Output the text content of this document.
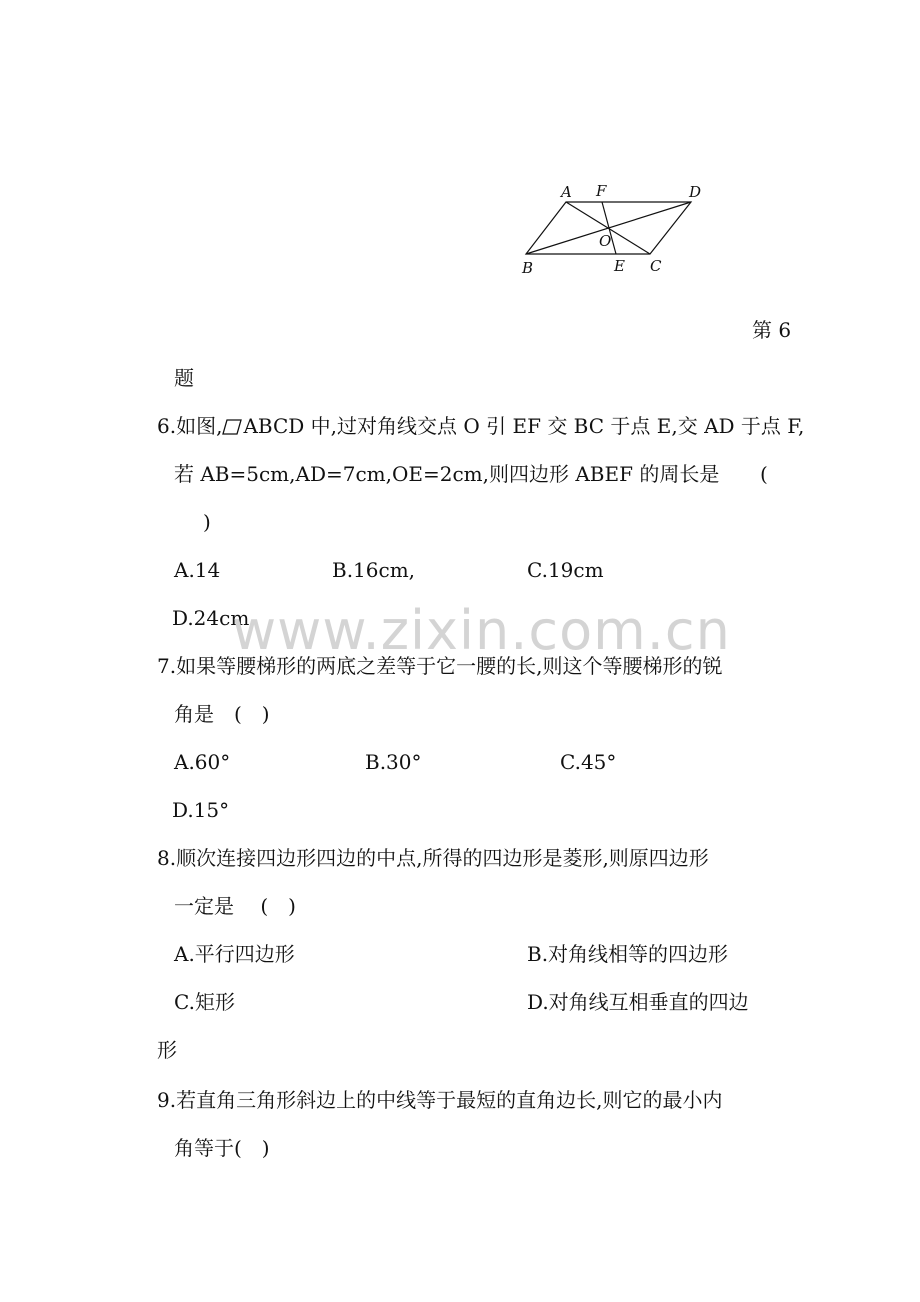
A F	D
O
B	E C
第 6
题
6.如图, ABCD 中,过对角线交点 O 引 EF 交 BC 于点 E,交 AD 于点 F,
若 AB=5cm,AD=7cm,OE=2cm,则四边形 ABEF 的周长是 (
)
A.14	B.16cm,	C.19cm
D.24cm
www.zixin.com.cn
7.如果等腰梯形的两底之差等于它一腰的长,则这个等腰梯形的锐
角是　(　)
A.60°	B.30°	C.45°
D.15°
8.顺次连接四边形四边的中点,所得的四边形是菱形,则原四边形
一定是　 (　)
A.平行四边形	B.对角线相等的四边形
C.矩形	D.对角线互相垂直的四边
形
9.若直角三角形斜边上的中线等于最短的直角边长,则它的最小内
角等于(　)
